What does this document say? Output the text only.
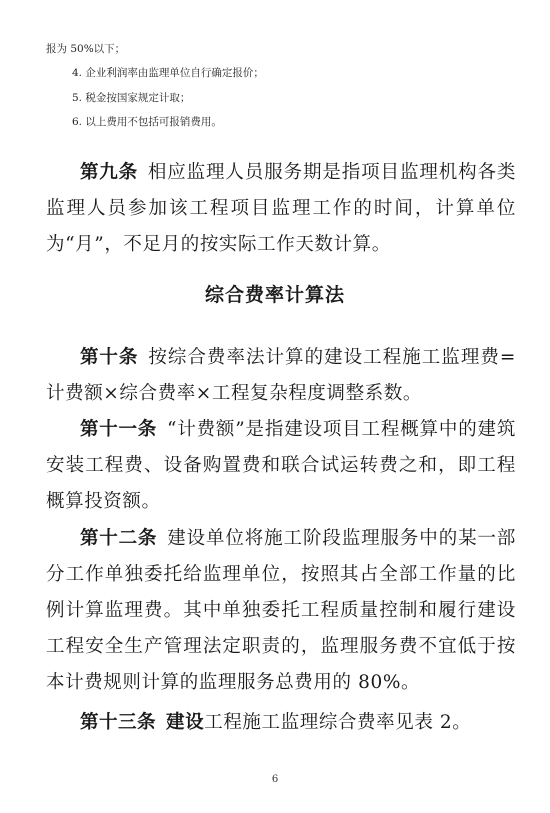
报为 50%以下；
4. 企业利润率由监理单位自行确定报价；
5. 税金按国家规定计取；
6. 以上费用不包括可报销费用。

第九条 相应监理人员服务期是指项目监理机构各类监理人员参加该工程项目监理工作的时间，计算单位为“月”，不足月的按实际工作天数计算。

综合费率计算法

第十条 按综合费率法计算的建设工程施工监理费=计费额×综合费率×工程复杂程度调整系数。

第十一条 “计费额”是指建设项目工程概算中的建筑安装工程费、设备购置费和联合试运转费之和，即工程概算投资额。

第十二条 建设单位将施工阶段监理服务中的某一部分工作单独委托给监理单位，按照其占全部工作量的比例计算监理费。其中单独委托工程质量控制和履行建设工程安全生产管理法定职责的，监理服务费不宜低于按本计费规则计算的监理服务总费用的 80%。

第十三条 建设工程施工监理综合费率见表 2。

6
